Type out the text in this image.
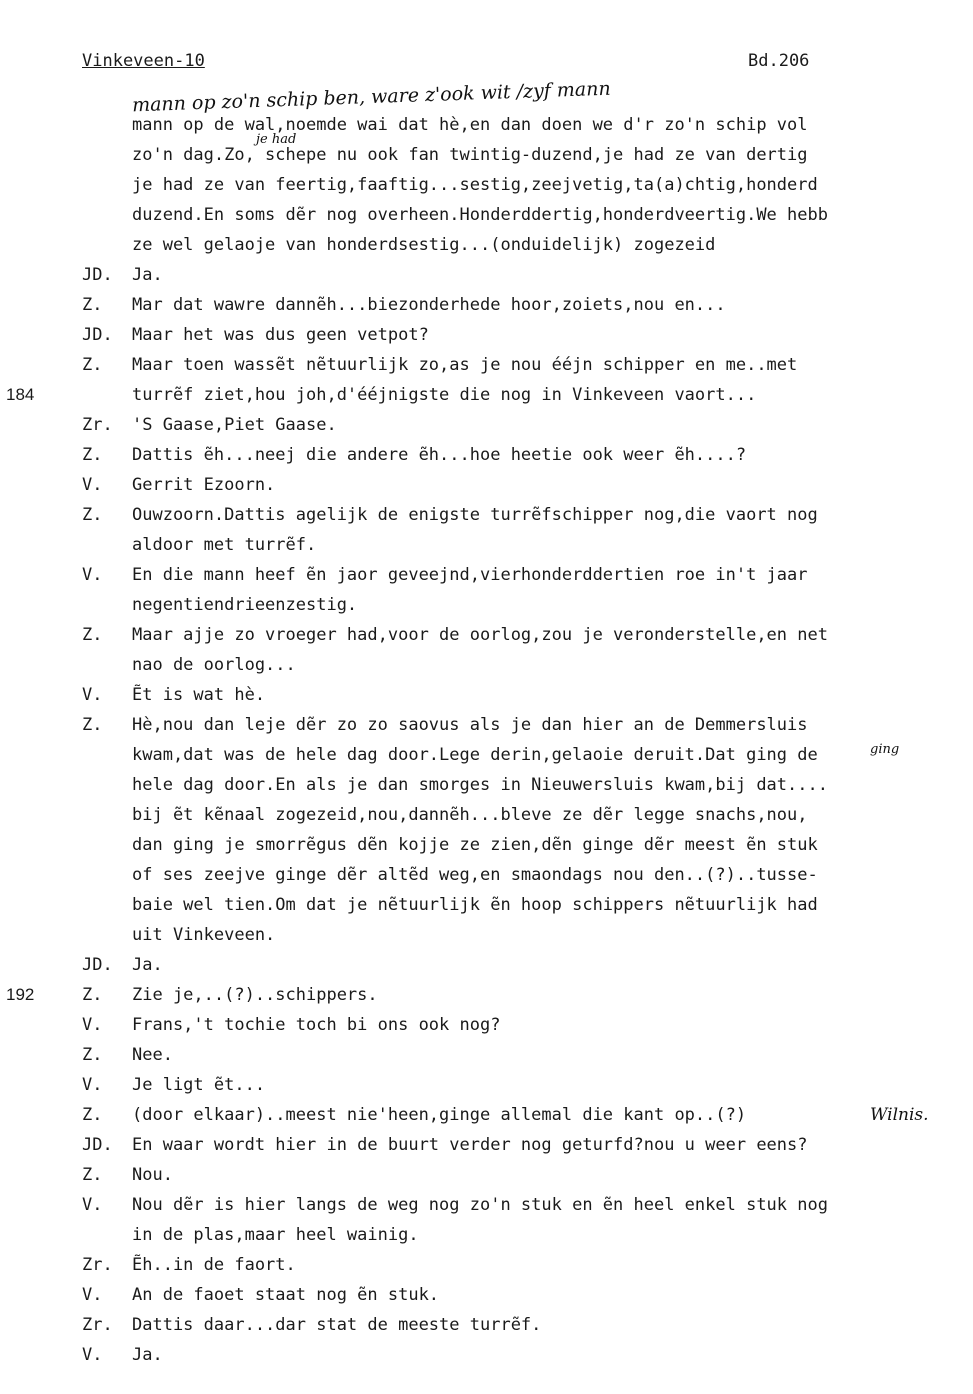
Vinkeveen-10	Bd.206
mann op zo'n schip ben, ware z'ook wit /zyf mann
je had
ging
mann op de wal,noemde wai dat hè,en dan doen we d'r zo'n schip vol
zo'n dag.Zo, schepe nu ook fan twintig-duzend,je had ze van dertig
je had ze van feertig,faaftig...sestig,zeejvetig,ta(a)chtig,honderd
duzend.En soms dẽr nog overheen.Honderddertig,honderdveertig.We hebb
ze wel gelaoje van honderdsestig...(onduidelijk) zogezeid
JD.	Ja.
Z.	Mar dat wawre dannẽh...biezonderhede hoor,zoiets,nou en...
JD.	Maar het was dus geen vetpot?
Z.	Maar toen wassẽt nẽtuurlijk zo,as je nou ééjn schipper en me..met
184	turrẽf ziet,hou joh,d'ééjnigste die nog in Vinkeveen vaort...
Zr.	'S Gaase,Piet Gaase.
Z.	Dattis ẽh...neej die andere ẽh...hoe heetie ook weer ẽh....?
V.	Gerrit Ezoorn.
Z.	Ouwzoorn.Dattis agelijk de enigste turrẽfschipper nog,die vaort nog
aldoor met turrẽf.
V.	En die mann heef ẽn jaor geveejnd,vierhonderddertien roe in't jaar
negentiendrieenzestig.
Z.	Maar ajje zo vroeger had,voor de oorlog,zou je veronderstelle,en net
nao de oorlog...
V.	Ẽt is wat hè.
Z.	Hè,nou dan leje dẽr zo zo saovus als je dan hier an de Demmersluis
kwam,dat was de hele dag door.Lege derin,gelaoie deruit.Dat ging de
hele dag door.En als je dan smorges in Nieuwersluis kwam,bij dat....
bij ẽt kẽnaal zogezeid,nou,dannẽh...bleve ze dẽr legge snachs,nou,
dan ging je smorrẽgus dẽn kojje ze zien,dẽn ginge dẽr meest ẽn stuk
of ses zeejve ginge dẽr altẽd weg,en smaondags nou den..(?)..tusse-
baie wel tien.Om dat je nẽtuurlijk ẽn hoop schippers nẽtuurlijk had
uit Vinkeveen.
JD.	Ja.
192	Z.	Zie je,..(?)..schippers.
V.	Frans,'t tochie toch bi ons ook nog?
Z.	Nee.
V.	Je ligt ẽt...
Z.	(door elkaar)..meest nie'heen,ginge allemal die kant op..(?)	Wilnis.
JD.	En waar wordt hier in de buurt verder nog geturfd?nou u weer eens?
Z.	Nou.
V.	Nou dẽr is hier langs de weg nog zo'n stuk en ẽn heel enkel stuk nog
in de plas,maar heel wainig.
Zr.	Ẽh..in de faort.
V.	An de faoet staat nog ẽn stuk.
Zr.	Dattis daar...dar stat de meeste turrẽf.
V.	Ja.
